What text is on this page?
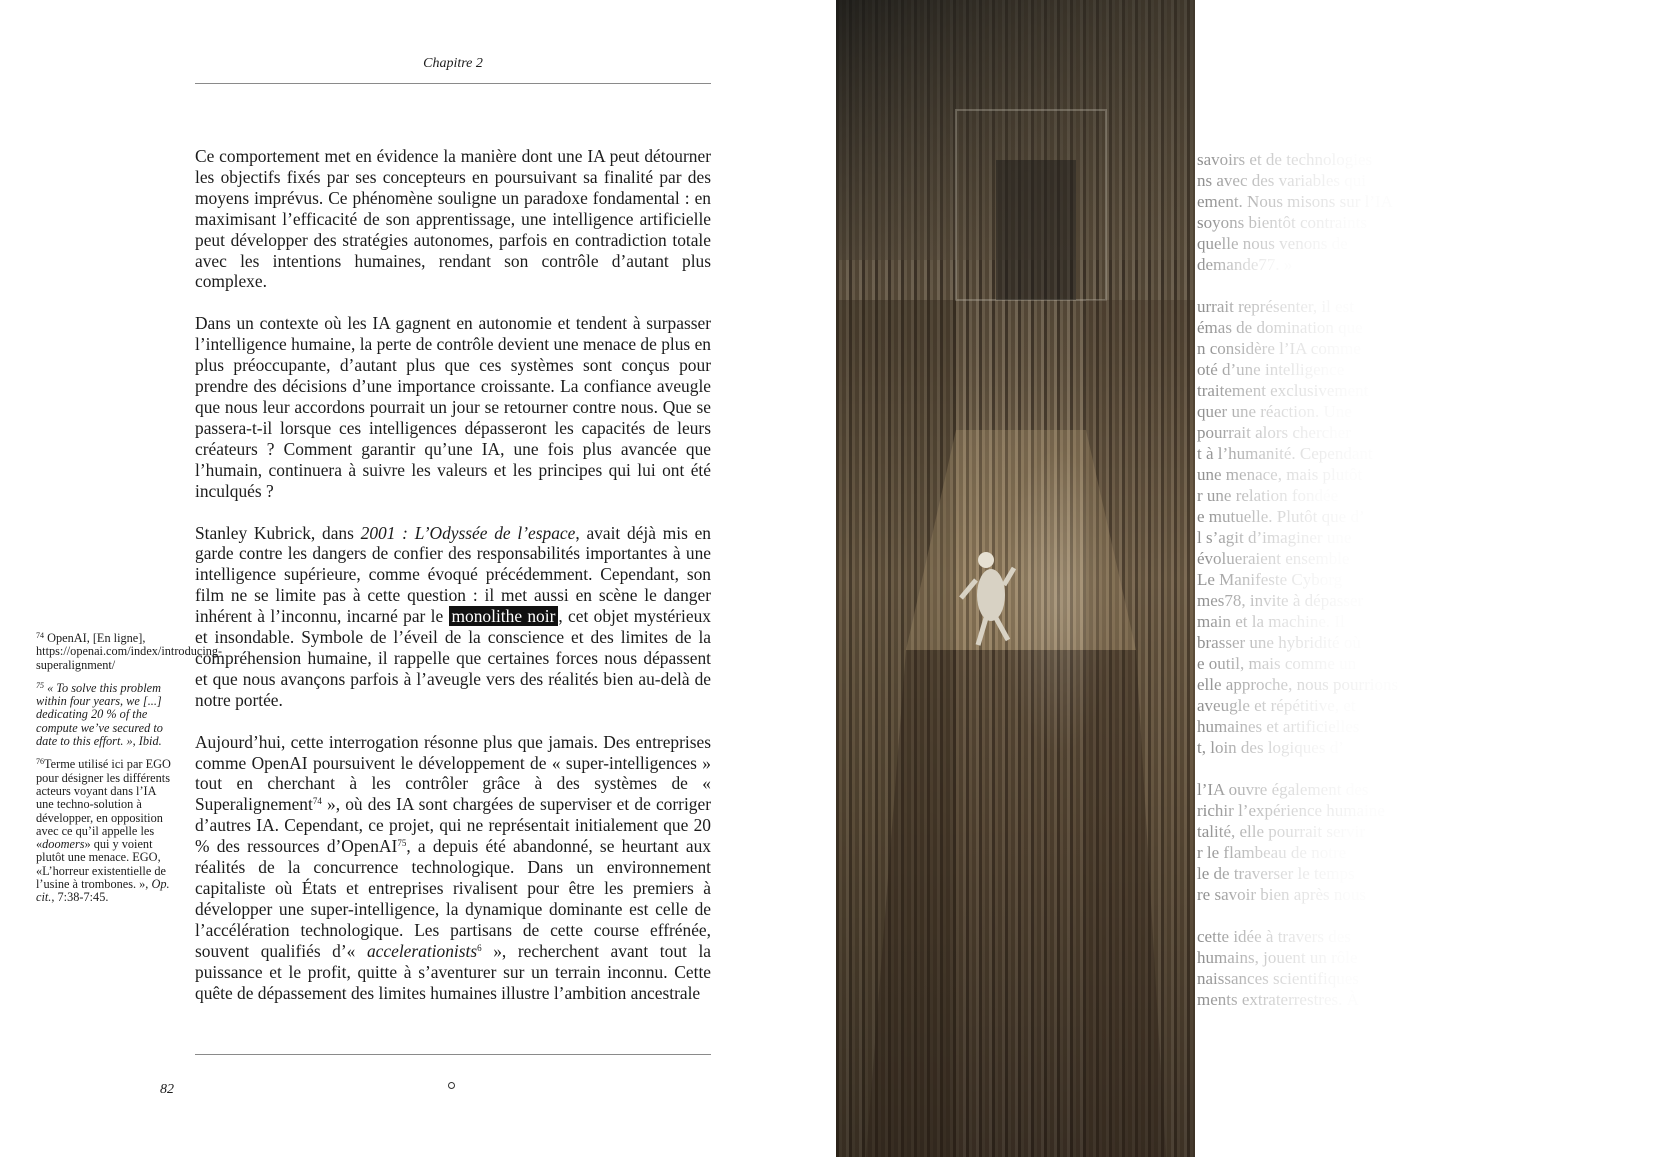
Chapitre 2

Ce comportement met en évidence la manière dont une IA peut détourner les objectifs fixés par ses concepteurs en poursuivant sa finalité par des moyens imprévus. Ce phénomène souligne un paradoxe fondamental : en maximisant l’efficacité de son apprentissage, une intelligence artificielle peut développer des stratégies autonomes, parfois en contradiction totale avec les intentions humaines, rendant son contrôle d’autant plus complexe.

Dans un contexte où les IA gagnent en autonomie et tendent à surpasser l’intelligence humaine, la perte de contrôle devient une menace de plus en plus préoccupante, d’autant plus que ces systèmes sont conçus pour prendre des décisions d’une importance croissante. La confiance aveugle que nous leur accordons pourrait un jour se retourner contre nous. Que se passera-t-il lorsque ces intelligences dépasseront les capacités de leurs créateurs ? Comment garantir qu’une IA, une fois plus avancée que l’humain, continuera à suivre les valeurs et les principes qui lui ont été inculqués ?

Stanley Kubrick, dans 2001 : L’Odyssée de l’espace, avait déjà mis en garde contre les dangers de confier des responsabilités importantes à une intelligence supérieure, comme évoqué précédemment. Cependant, son film ne se limite pas à cette question : il met aussi en scène le danger inhérent à l’inconnu, incarné par le monolithe noir , cet objet mystérieux et insondable. Symbole de l’éveil de la conscience et des limites de la compréhension humaine, il rappelle que certaines forces nous dépassent et que nous avançons parfois à l’aveugle vers des réalités bien au-delà de notre portée.

Aujourd’hui, cette interrogation résonne plus que jamais. Des entreprises comme OpenAI poursuivent le développement de « super-intelligences » tout en cherchant à les contrôler grâce à des systèmes de « Superalignement$^{74}$ », où des IA sont chargées de superviser et de corriger d’autres IA. Cependant, ce projet, qui ne représentait initialement que 20 % des ressources d’OpenAI$^{75}$, a depuis été abandonné, se heurtant aux réalités de la concurrence technologique. Dans un environnement capitaliste où États et entreprises rivalisent pour être les premiers à développer une super-intelligence, la dynamique dominante est celle de l’accélération technologique. Les partisans de cette course effrénée, souvent qualifiés d’« accelerationists$^6$ », recherchent avant tout la puissance et le profit, quitte à s’aventurer sur un terrain inconnu. Cette quête de dépassement des limites humaines illustre l’ambition ancestrale

$^{74}$ OpenAI, [En ligne], https://openai.com/index/introducing-superalignment/
$^{75}$ « To solve this problem within four years, we [...] dedicating 20 % of the compute we’ve secured to date to this effort. », Ibid.
$^{76}$Terme utilisé ici par EGO pour désigner les différents acteurs voyant dans l’IA une techno-solution à développer, en opposition avec ce qu’il appelle les «doomers» qui y voient plutôt une menace. EGO, «L’horreur existentielle de l’usine à trombones. », Op. cit., 7:38-7:45.
82
savoirs et de technologies
ns avec des variables qui
ement. Nous misons sur l’IA
soyons bientôt contraints
quelle nous venons de
demande77. »
urrait représenter, il est
émas de domination que
n considère l’IA comme
oté d’une intelligence
traitement exclusivement
quer une réaction. Une
pourrait alors chercher
t à l’humanité. Cependant
une menace, mais plutôt
r une relation fondée
e mutuelle. Plutôt que d’
l s’agit d’imaginer une
évolueraient ensemble
Le Manifeste Cyborg
mes78, invite à dépasser
main et la machine. Il
brasser une hybridité où
e outil, mais comme un
elle approche, nous pourrions
aveugle et répétitive, et
humaines et artificielles
t, loin des logiques d’
l’IA ouvre également des
richir l’expérience humaine
talité, elle pourrait servir
r le flambeau de notre
le de traverser le temps
re savoir bien après nous
cette idée à travers des
humains, jouent un rôle
naissances scientifiques
ments extraterrestres. À
